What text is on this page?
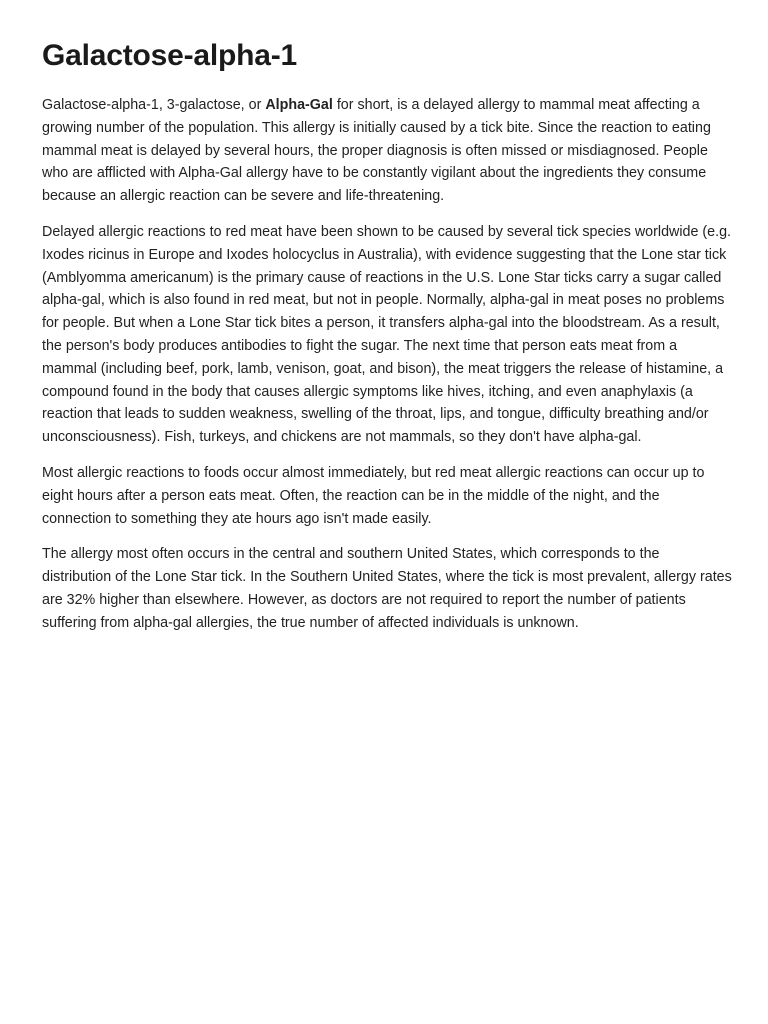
Galactose-alpha-1

Galactose-alpha-1, 3-galactose, or Alpha-Gal for short, is a delayed allergy to mammal meat affecting a growing number of the population. This allergy is initially caused by a tick bite. Since the reaction to eating mammal meat is delayed by several hours, the proper diagnosis is often missed or misdiagnosed. People who are afflicted with Alpha-Gal allergy have to be constantly vigilant about the ingredients they consume because an allergic reaction can be severe and life-threatening.

Delayed allergic reactions to red meat have been shown to be caused by several tick species worldwide (e.g. Ixodes ricinus in Europe and Ixodes holocyclus in Australia), with evidence suggesting that the Lone star tick (Amblyomma americanum) is the primary cause of reactions in the U.S. Lone Star ticks carry a sugar called alpha-gal, which is also found in red meat, but not in people. Normally, alpha-gal in meat poses no problems for people. But when a Lone Star tick bites a person, it transfers alpha-gal into the bloodstream. As a result, the person's body produces antibodies to fight the sugar. The next time that person eats meat from a mammal (including beef, pork, lamb, venison, goat, and bison), the meat triggers the release of histamine, a compound found in the body that causes allergic symptoms like hives, itching, and even anaphylaxis (a reaction that leads to sudden weakness, swelling of the throat, lips, and tongue, difficulty breathing and/or unconsciousness). Fish, turkeys, and chickens are not mammals, so they don't have alpha-gal.

Most allergic reactions to foods occur almost immediately, but red meat allergic reactions can occur up to eight hours after a person eats meat. Often, the reaction can be in the middle of the night, and the connection to something they ate hours ago isn't made easily.

The allergy most often occurs in the central and southern United States, which corresponds to the distribution of the Lone Star tick. In the Southern United States, where the tick is most prevalent, allergy rates are 32% higher than elsewhere. However, as doctors are not required to report the number of patients suffering from alpha-gal allergies, the true number of affected individuals is unknown.
